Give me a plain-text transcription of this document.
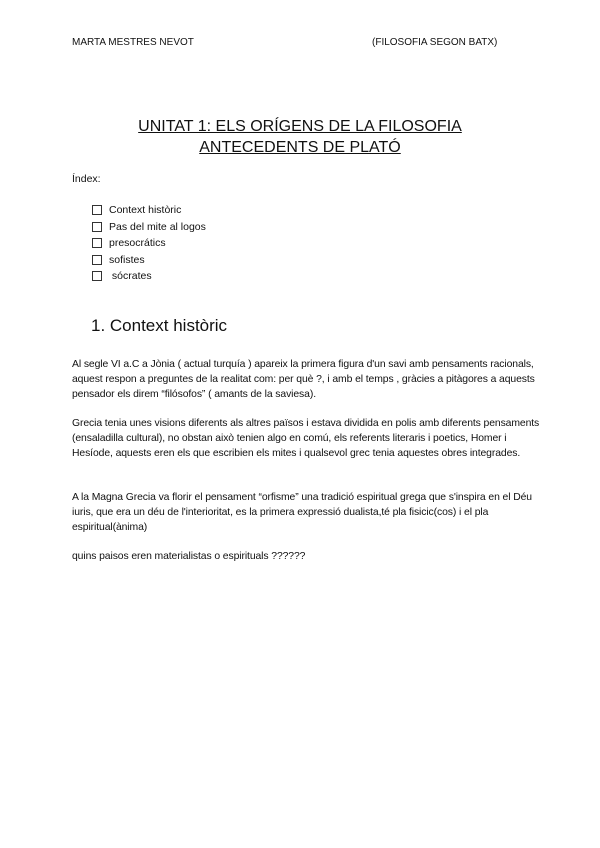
MARTA MESTRES NEVOT	(FILOSOFIA SEGON BATX)
UNITAT 1: ELS ORÍGENS DE LA FILOSOFIA
ANTECEDENTS DE PLATÓ
Índex:
Context històric
Pas del mite al logos
presocrátics
sofistes
sócrates
1. Context històric
Al segle VI a.C a Jònia ( actual turquía ) apareix la primera figura d'un savi amb pensaments racionals, aquest respon a preguntes de la realitat com: per què ?, i amb el temps , gràcies a pitàgores a aquests pensador els direm “filósofos” ( amants de la saviesa).
Grecia tenia unes visions diferents als altres països i estava dividida en polis amb diferents pensaments (ensaladilla cultural), no obstan això tenien algo en comú, els referents literaris i poetics, Homer i Hesíode, aquests eren els que escribien els mites i qualsevol grec tenia aquestes obres integrades.
A la Magna Grecia va florir el pensament “orfisme” una tradició espiritual grega que s'inspira en el Déu iuris, que era un déu de l'interioritat, es la primera expressió dualista,té pla fisicic(cos) i el pla espiritual(ànima)
quins paisos eren materialistas o espirituals ??????
